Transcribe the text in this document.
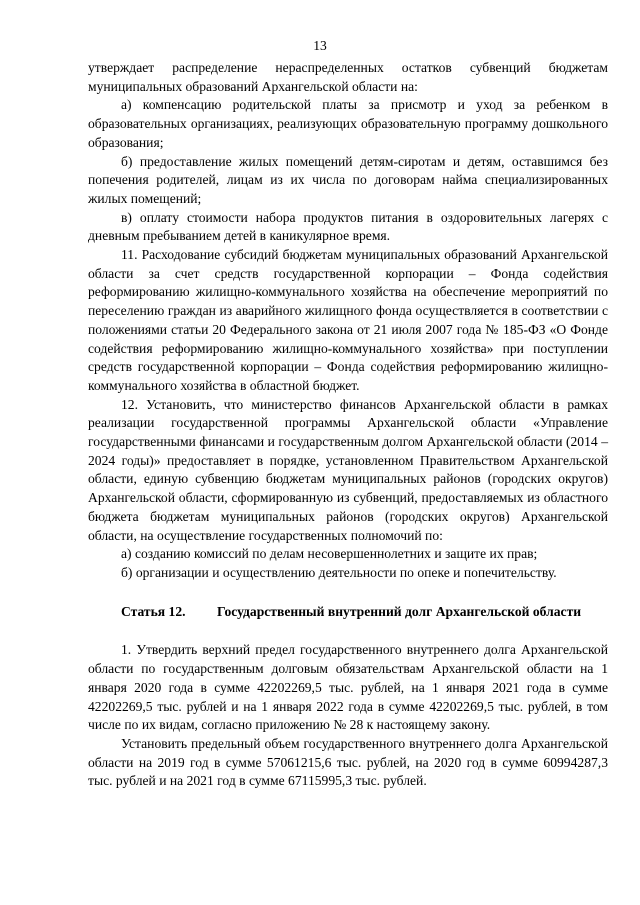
13

утверждает распределение нераспределенных остатков субвенций бюджетам муниципальных образований Архангельской области на:

а) компенсацию родительской платы за присмотр и уход за ребенком в образовательных организациях, реализующих образовательную программу дошкольного образования;

б) предоставление жилых помещений детям-сиротам и детям, оставшимся без попечения родителей, лицам из их числа по договорам найма специализированных жилых помещений;

в) оплату стоимости набора продуктов питания в оздоровительных лагерях с дневным пребыванием детей в каникулярное время.

11. Расходование субсидий бюджетам муниципальных образований Архангельской области за счет средств государственной корпорации – Фонда содействия реформированию жилищно-коммунального хозяйства на обеспечение мероприятий по переселению граждан из аварийного жилищного фонда осуществляется в соответствии с положениями статьи 20 Федерального закона от 21 июля 2007 года № 185-ФЗ «О Фонде содействия реформированию жилищно-коммунального хозяйства» при поступлении средств государственной корпорации – Фонда содействия реформированию жилищно-коммунального хозяйства в областной бюджет.

12. Установить, что министерство финансов Архангельской области в рамках реализации государственной программы Архангельской области «Управление государственными финансами и государственным долгом Архангельской области (2014 – 2024 годы)» предоставляет в порядке, установленном Правительством Архангельской области, единую субвенцию бюджетам муниципальных районов (городских округов) Архангельской области, сформированную из субвенций, предоставляемых из областного бюджета бюджетам муниципальных районов (городских округов) Архангельской области, на осуществление государственных полномочий по:

а) созданию комиссий по делам несовершеннолетних и защите их прав;

б) организации и осуществлению деятельности по опеке и попечительству.

Статья 12.	Государственный внутренний долг Архангельской области

1. Утвердить верхний предел государственного внутреннего долга Архангельской области по государственным долговым обязательствам Архангельской области на 1 января 2020 года в сумме 42202269,5 тыс. рублей, на 1 января 2021 года в сумме 42202269,5 тыс. рублей и на 1 января 2022 года в сумме 42202269,5 тыс. рублей, в том числе по их видам, согласно приложению № 28 к настоящему закону.

Установить предельный объем государственного внутреннего долга Архангельской области на 2019 год в сумме 57061215,6 тыс. рублей, на 2020 год в сумме 60994287,3 тыс. рублей и на 2021 год в сумме 67115995,3 тыс. рублей.
